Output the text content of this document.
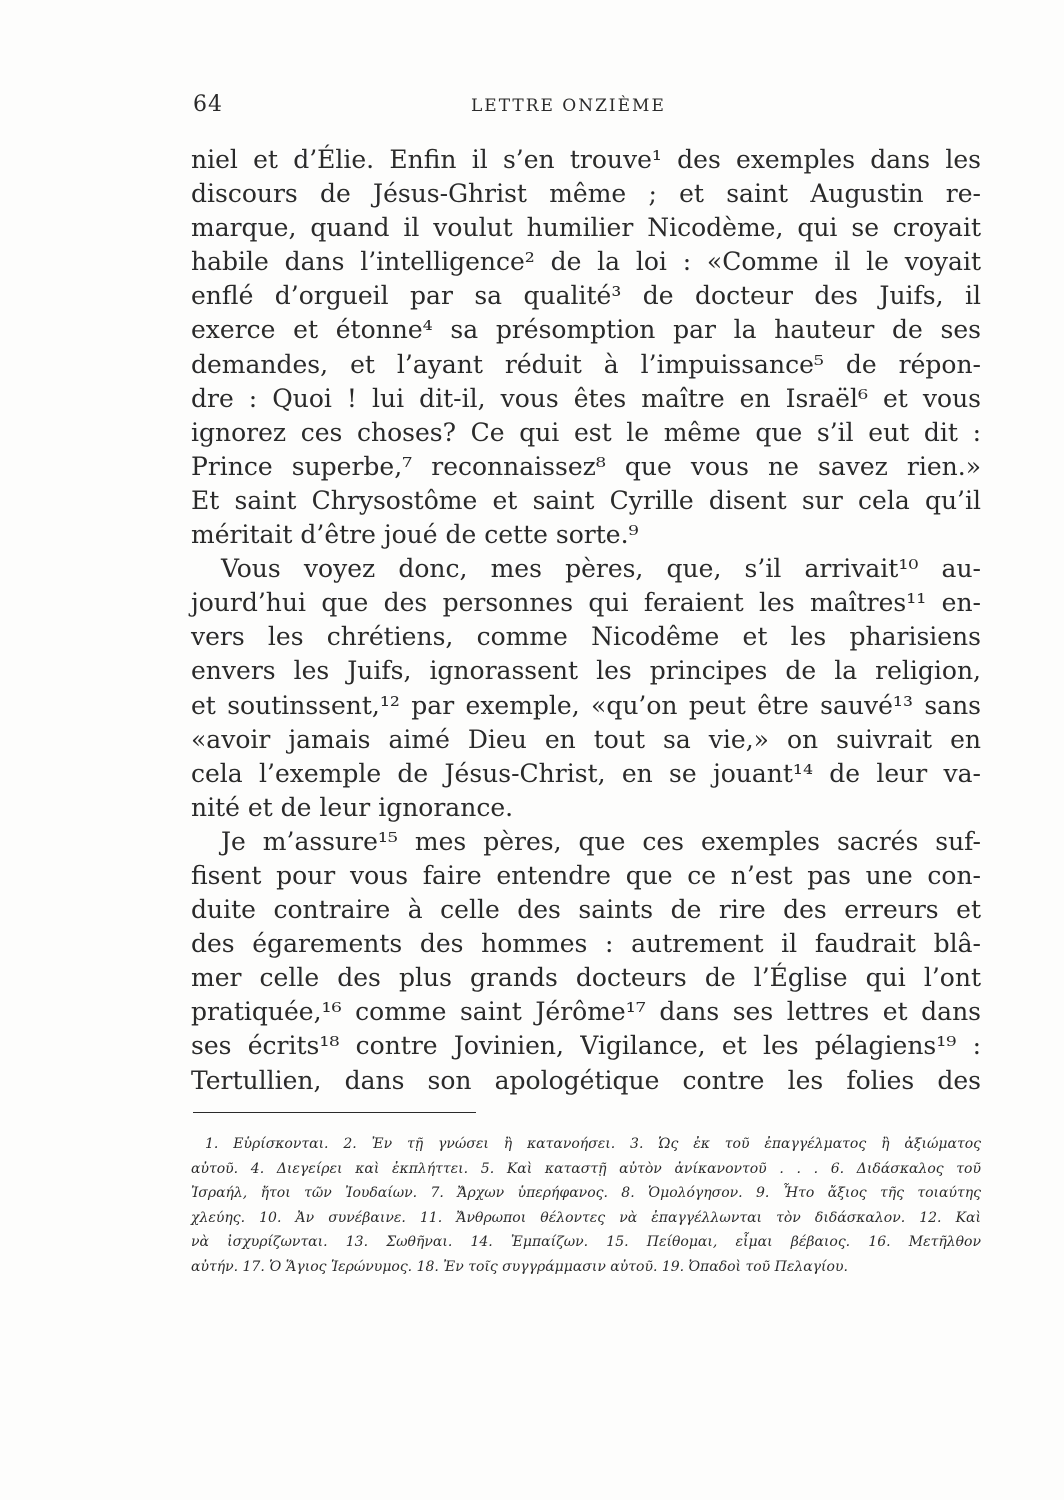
64	LETTRE ONZIÈME
niel et d’Élie. Enfin il s’en trouve¹ des exemples dans les
discours de Jésus-Ghrist même ; et saint Augustin re-
marque, quand il voulut humilier Nicodème, qui se croyait
habile dans l’intelligence² de la loi : «Comme il le voyait
enflé d’orgueil par sa qualité³ de docteur des Juifs, il
exerce et étonne⁴ sa présomption par la hauteur de ses
demandes, et l’ayant réduit à l’impuissance⁵ de répon-
dre : Quoi ! lui dit-il, vous êtes maître en Israël⁶ et vous
ignorez ces choses? Ce qui est le même que s’il eut dit :
Prince superbe,⁷ reconnaissez⁸ que vous ne savez rien.»
Et saint Chrysostôme et saint Cyrille disent sur cela qu’il
méritait d’être joué de cette sorte.⁹
Vous voyez donc, mes pères, que, s’il arrivait¹⁰ au-
jourd’hui que des personnes qui feraient les maîtres¹¹ en-
vers les chrétiens, comme Nicodême et les pharisiens
envers les Juifs, ignorassent les principes de la religion,
et soutinssent,¹² par exemple, «qu’on peut être sauvé¹³ sans
«avoir jamais aimé Dieu en tout sa vie,» on suivrait en
cela l’exemple de Jésus-Christ, en se jouant¹⁴ de leur va-
nité et de leur ignorance.
Je m’assure¹⁵ mes pères, que ces exemples sacrés suf-
fisent pour vous faire entendre que ce n’est pas une con-
duite contraire à celle des saints de rire des erreurs et
des égarements des hommes : autrement il faudrait blâ-
mer celle des plus grands docteurs de l’Église qui l’ont
pratiquée,¹⁶ comme saint Jérôme¹⁷ dans ses lettres et dans
ses écrits¹⁸ contre Jovinien, Vigilance, et les pélagiens¹⁹ :
Tertullien, dans son apologétique contre les folies des
1. Εὑρίσκονται. 2. Ἐν τῇ γνώσει ἢ κατανοήσει. 3. Ὡς ἐκ τοῦ ἐπαγγέλματος ἢ ἀξιώματος
αὐτοῦ. 4. Διεγείρει καὶ ἐκπλήττει. 5. Καὶ καταστῇ αὐτὸν ἀνίκανοντοῦ . . . 6. Διδάσκαλος τοῦ
Ἰσραήλ, ἤτοι τῶν Ἰουδαίων. 7. Ἄρχων ὑπερήφανος. 8. Ὁμολόγησον. 9. Ἦτο ἄξιος τῆς τοιαύτης
χλεύης. 10. Ἀν συνέβαινε. 11. Ἄνθρωποι θέλοντες νὰ ἐπαγγέλλωνται τὸν διδάσκαλον. 12. Καὶ
νὰ ἰσχυρίζωνται. 13. Σωθῆναι. 14. Ἐμπαίζων. 15. Πείθομαι, εἶμαι βέβαιος. 16. Μετῆλθον
αὐτήν. 17. Ὁ Ἅγιος Ἱερώνυμος. 18. Ἐν τοῖς συγγράμμασιν αὐτοῦ. 19. Ὀπαδοὶ τοῦ Πελαγίου.
